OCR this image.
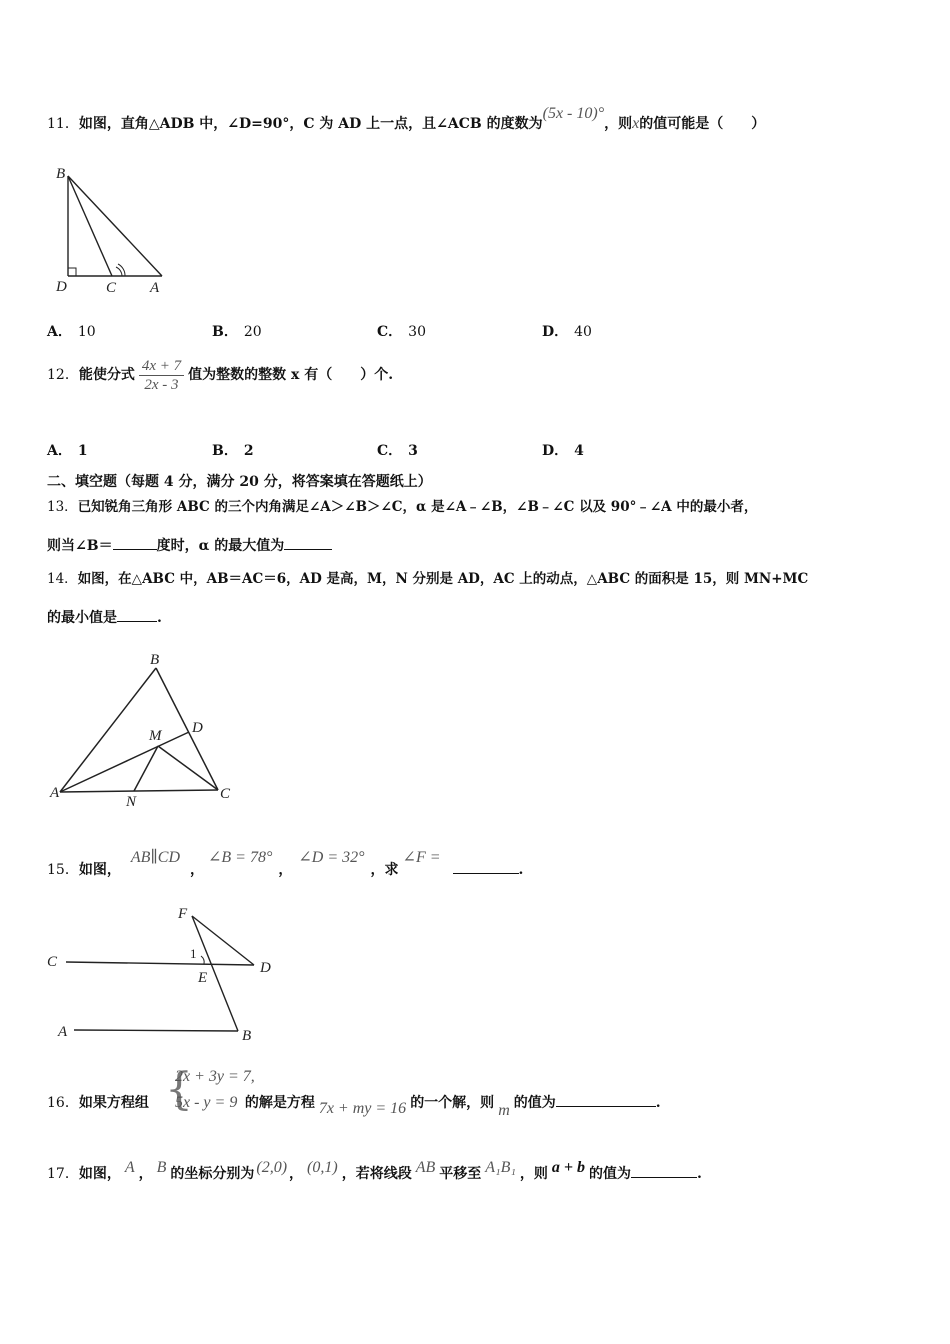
11．如图，直角△ADB 中，∠D=90°，C 为 AD 上一点，且∠ACB 的度数为(5x - 10)°，则x的值可能是（　　）
B
D	C A
A． 10	B． 20	C． 30	D． 40
12．能使分式 $\frac{4x + 7}{2x - 3}$ 值为整数的整数 x 有（　　）个.
A． 1	B． 2	C． 3	D． 4
二、填空题（每题 4 分，满分 20 分，将答案填在答题纸上）
13．已知锐角三角形 ABC 的三个内角满足∠A＞∠B＞∠C，α 是∠A﹣∠B，∠B﹣∠C 以及 90°﹣∠A 中的最小者，
则当∠B＝	度时，α 的最大值为
14．如图，在△ABC 中，AB＝AC＝6，AD 是高，M，N 分别是 AD，AC 上的动点，△ABC 的面积是 15，则 MN+MC
的最小值是	.
B
D
M
A
N	C
15．如图，AB∥CD，∠B = 78°，∠D = 32°，求∠F =.
F
1
C
E
D
A	B
16．如果方程组	的解是方程 7x + my = 16 的一个解，则 m 的值为	.
{
2x + 3y = 7,
5x - y = 9
17．如图， A ， B 的坐标分别为 (2,0) ， (0,1) ，若将线段 AB 平移至 A₁B₁ ，则 a + b 的值为	.
